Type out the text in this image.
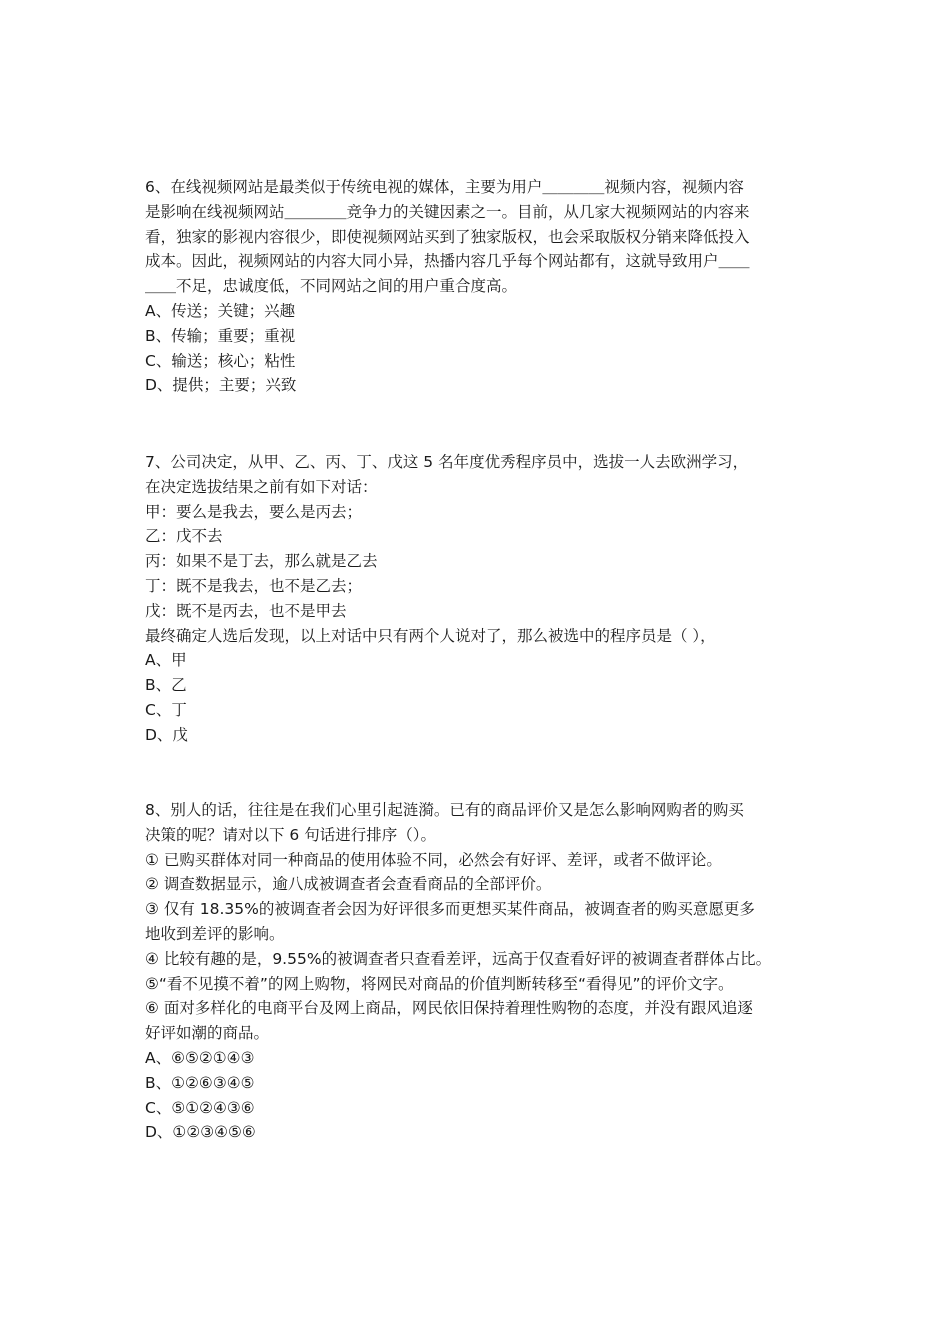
6、在线视频网站是最类似于传统电视的媒体，主要为用户＿＿＿＿视频内容，视频内容
是影响在线视频网站＿＿＿＿竞争力的关键因素之一。目前，从几家大视频网站的内容来
看，独家的影视内容很少，即使视频网站买到了独家版权，也会采取版权分销来降低投入
成本。因此，视频网站的内容大同小异，热播内容几乎每个网站都有，这就导致用户＿＿
＿＿不足，忠诚度低，不同网站之间的用户重合度高。
A、传送；关键；兴趣
B、传输；重要；重视
C、输送；核心；粘性
D、提供；主要；兴致
7、公司决定，从甲、乙、丙、丁、戊这 5 名年度优秀程序员中，选拔一人去欧洲学习，
在决定选拔结果之前有如下对话：
甲：要么是我去，要么是丙去；
乙：戊不去
丙：如果不是丁去，那么就是乙去
丁：既不是我去，也不是乙去；
戊：既不是丙去，也不是甲去
最终确定人选后发现，以上对话中只有两个人说对了，那么被选中的程序员是（ ），
A、甲
B、乙
C、丁
D、戊
8、别人的话，往往是在我们心里引起涟漪。已有的商品评价又是怎么影响网购者的购买
决策的呢？请对以下 6 句话进行排序（）。
① 已购买群体对同一种商品的使用体验不同，必然会有好评、差评，或者不做评论。
② 调查数据显示，逾八成被调查者会查看商品的全部评价。
③ 仅有 18.35%的被调查者会因为好评很多而更想买某件商品，被调查者的购买意愿更多
地收到差评的影响。
④ 比较有趣的是，9.55%的被调查者只查看差评，远高于仅查看好评的被调查者群体占比。
⑤“看不见摸不着”的网上购物，将网民对商品的价值判断转移至“看得见”的评价文字。
⑥ 面对多样化的电商平台及网上商品，网民依旧保持着理性购物的态度，并没有跟风追逐
好评如潮的商品。
A、⑥⑤②①④③
B、①②⑥③④⑤
C、⑤①②④③⑥
D、①②③④⑤⑥
